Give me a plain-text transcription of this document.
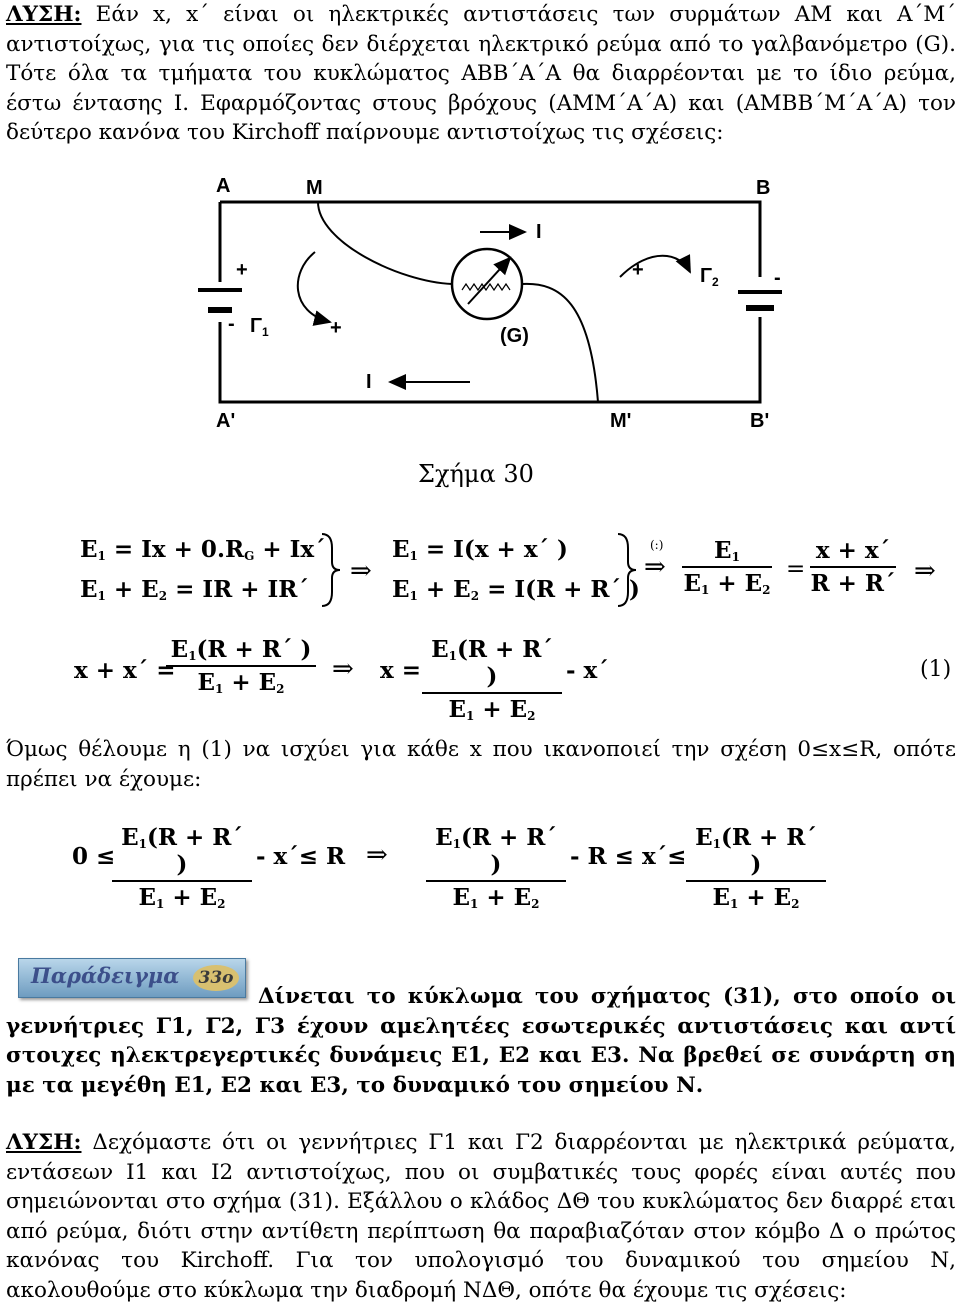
ΛΥΣΗ: Εάν x, x΄ είναι οι ηλεκτρικές αντιστάσεις των συρμάτων ΑΜ και Α΄Μ΄ αντιστοίχως, για τις οποίες δεν διέρχεται ηλεκτρικό ρεύμα από το γαλβανόμετρο (G). Τότε όλα τα τμήματα του κυκλώματος ΑΒΒ΄Α΄Α θα διαρρέονται με το ίδιο ρεύμα, έστω έντασης Ι. Εφαρμόζοντας στους βρόχους (ΑΜΜ΄Α΄Α) και (ΑΜΒΒ΄Μ΄Α΄Α) τον δεύτερο κανόνα του Kirchoff παίρνουμε αντιστοίχως τις σχέσεις:
A	M	B
A'	M'	B'
I
I
(G)
+
- $\Gamma_1$
$\Gamma_2$	-
+
+
Σχήμα 30
$E_1 = Ix + 0.R_G + Ix΄$
$E_1 + E_2$ = IR + IR΄
⇒
$E_1 = I(x + x΄$ )
$E_1 + E_2 = I(R + R΄$ )
(:)
⇒ $\frac{E_1}{E_1 + E_2} = \frac{x + x΄}{R + R΄}$ ⇒
x + x΄ =
$\frac{E_1(R + R΄ )}{E_1 + E_2}$ ⇒ $x = \frac{E_1(R + R΄ )}{E_1 + E_2} - x΄$	(1)
Όμως θέλουμε η (1) να ισχύει για κάθε x που ικανοποιεί την σχέση 0≤x≤R, οπότε πρέπει να έχουμε:
0 ≤
$\frac{E_1(R + R΄ )}{E_1 + E_2} - x΄\le R$ ⇒ $\frac{E_1(R + R΄ )}{E_1 + E_2} - R \le x΄\le \frac{E_1(R + R΄ )}{E_1 + E_2}$
Παράδειγμα	33o
Δίνεται το κύκλωμα του σχήματος (31), στο οποίο οι γεννήτριες Γ1, Γ2, Γ3 έχουν αμελητέες εσωτερικές αντιστάσεις και αντί στοιχες ηλεκτρεγερτικές δυνάμεις Ε1, Ε2 και Ε3. Να βρεθεί σε συνάρτη ση με τα μεγέθη Ε1, Ε2 και Ε3, το δυναμικό του σημείου Ν.
ΛΥΣΗ: Δεχόμαστε ότι οι γεννήτριες Γ1 και Γ2 διαρρέονται με ηλεκτρικά ρεύματα, εντάσεων Ι1 και Ι2 αντιστοίχως, που οι συμβατικές τους φορές είναι αυτές που σημειώνονται στο σχήμα (31). Εξάλλου ο κλάδος ΔΘ του κυκλώματος δεν διαρρέ εται από ρεύμα, διότι στην αντίθετη περίπτωση θα παραβιαζόταν στον κόμβο Δ ο πρώτος κανόνας του Kirchoff. Για τον υπολογισμό του δυναμικού του σημείου Ν, ακολουθούμε στο κύκλωμα την διαδρομή ΝΔΘ, οπότε θα έχουμε τις σχέσεις:
